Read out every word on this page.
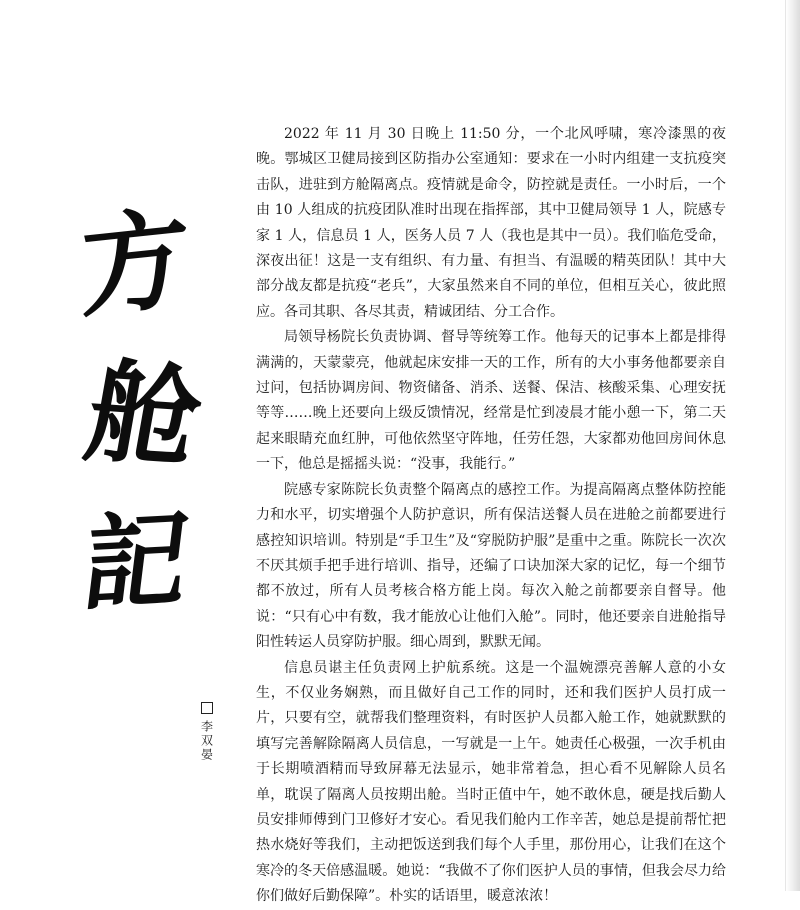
方
舱
記
李双晏

2022 年 11 月 30 日晚上 11:50 分，一个北风呼啸，寒冷漆黑的夜晚。鄂城区卫健局接到区防指办公室通知：要求在一小时内组建一支抗疫突击队，进驻到方舱隔离点。疫情就是命令，防控就是责任。一小时后，一个由 10 人组成的抗疫团队准时出现在指挥部，其中卫健局领导 1 人，院感专家 1 人，信息员 1 人，医务人员 7 人（我也是其中一员）。我们临危受命，深夜出征！这是一支有组织、有力量、有担当、有温暖的精英团队！其中大部分战友都是抗疫“老兵”，大家虽然来自不同的单位，但相互关心，彼此照应。各司其职、各尽其责，精诚团结、分工合作。

局领导杨院长负责协调、督导等统筹工作。他每天的记事本上都是排得满满的，天蒙蒙亮，他就起床安排一天的工作，所有的大小事务他都要亲自过问，包括协调房间、物资储备、消杀、送餐、保洁、核酸采集、心理安抚等等……晚上还要向上级反馈情况，经常是忙到凌晨才能小憩一下，第二天起来眼睛充血红肿，可他依然坚守阵地，任劳任怨，大家都劝他回房间休息一下，他总是摇摇头说：“没事，我能行。”

院感专家陈院长负责整个隔离点的感控工作。为提高隔离点整体防控能力和水平，切实增强个人防护意识，所有保洁送餐人员在进舱之前都要进行感控知识培训。特别是“手卫生”及“穿脱防护服”是重中之重。陈院长一次次不厌其烦手把手进行培训、指导，还编了口诀加深大家的记忆，每一个细节都不放过，所有人员考核合格方能上岗。每次入舱之前都要亲自督导。他说：“只有心中有数，我才能放心让他们入舱”。同时，他还要亲自进舱指导阳性转运人员穿防护服。细心周到，默默无闻。

信息员谌主任负责网上护航系统。这是一个温婉漂亮善解人意的小女生，不仅业务娴熟，而且做好自己工作的同时，还和我们医护人员打成一片，只要有空，就帮我们整理资料，有时医护人员都入舱工作，她就默默的填写完善解除隔离人员信息，一写就是一上午。她责任心极强，一次手机由于长期喷酒精而导致屏幕无法显示，她非常着急，担心看不见解除人员名单，耽误了隔离人员按期出舱。当时正值中午，她不敢休息，硬是找后勤人员安排师傅到门卫修好才安心。看见我们舱内工作辛苦，她总是提前帮忙把热水烧好等我们，主动把饭送到我们每个人手里，那份用心，让我们在这个寒冷的冬天倍感温暖。她说：“我做不了你们医护人员的事情，但我会尽力给你们做好后勤保障”。朴实的话语里，暖意浓浓！
